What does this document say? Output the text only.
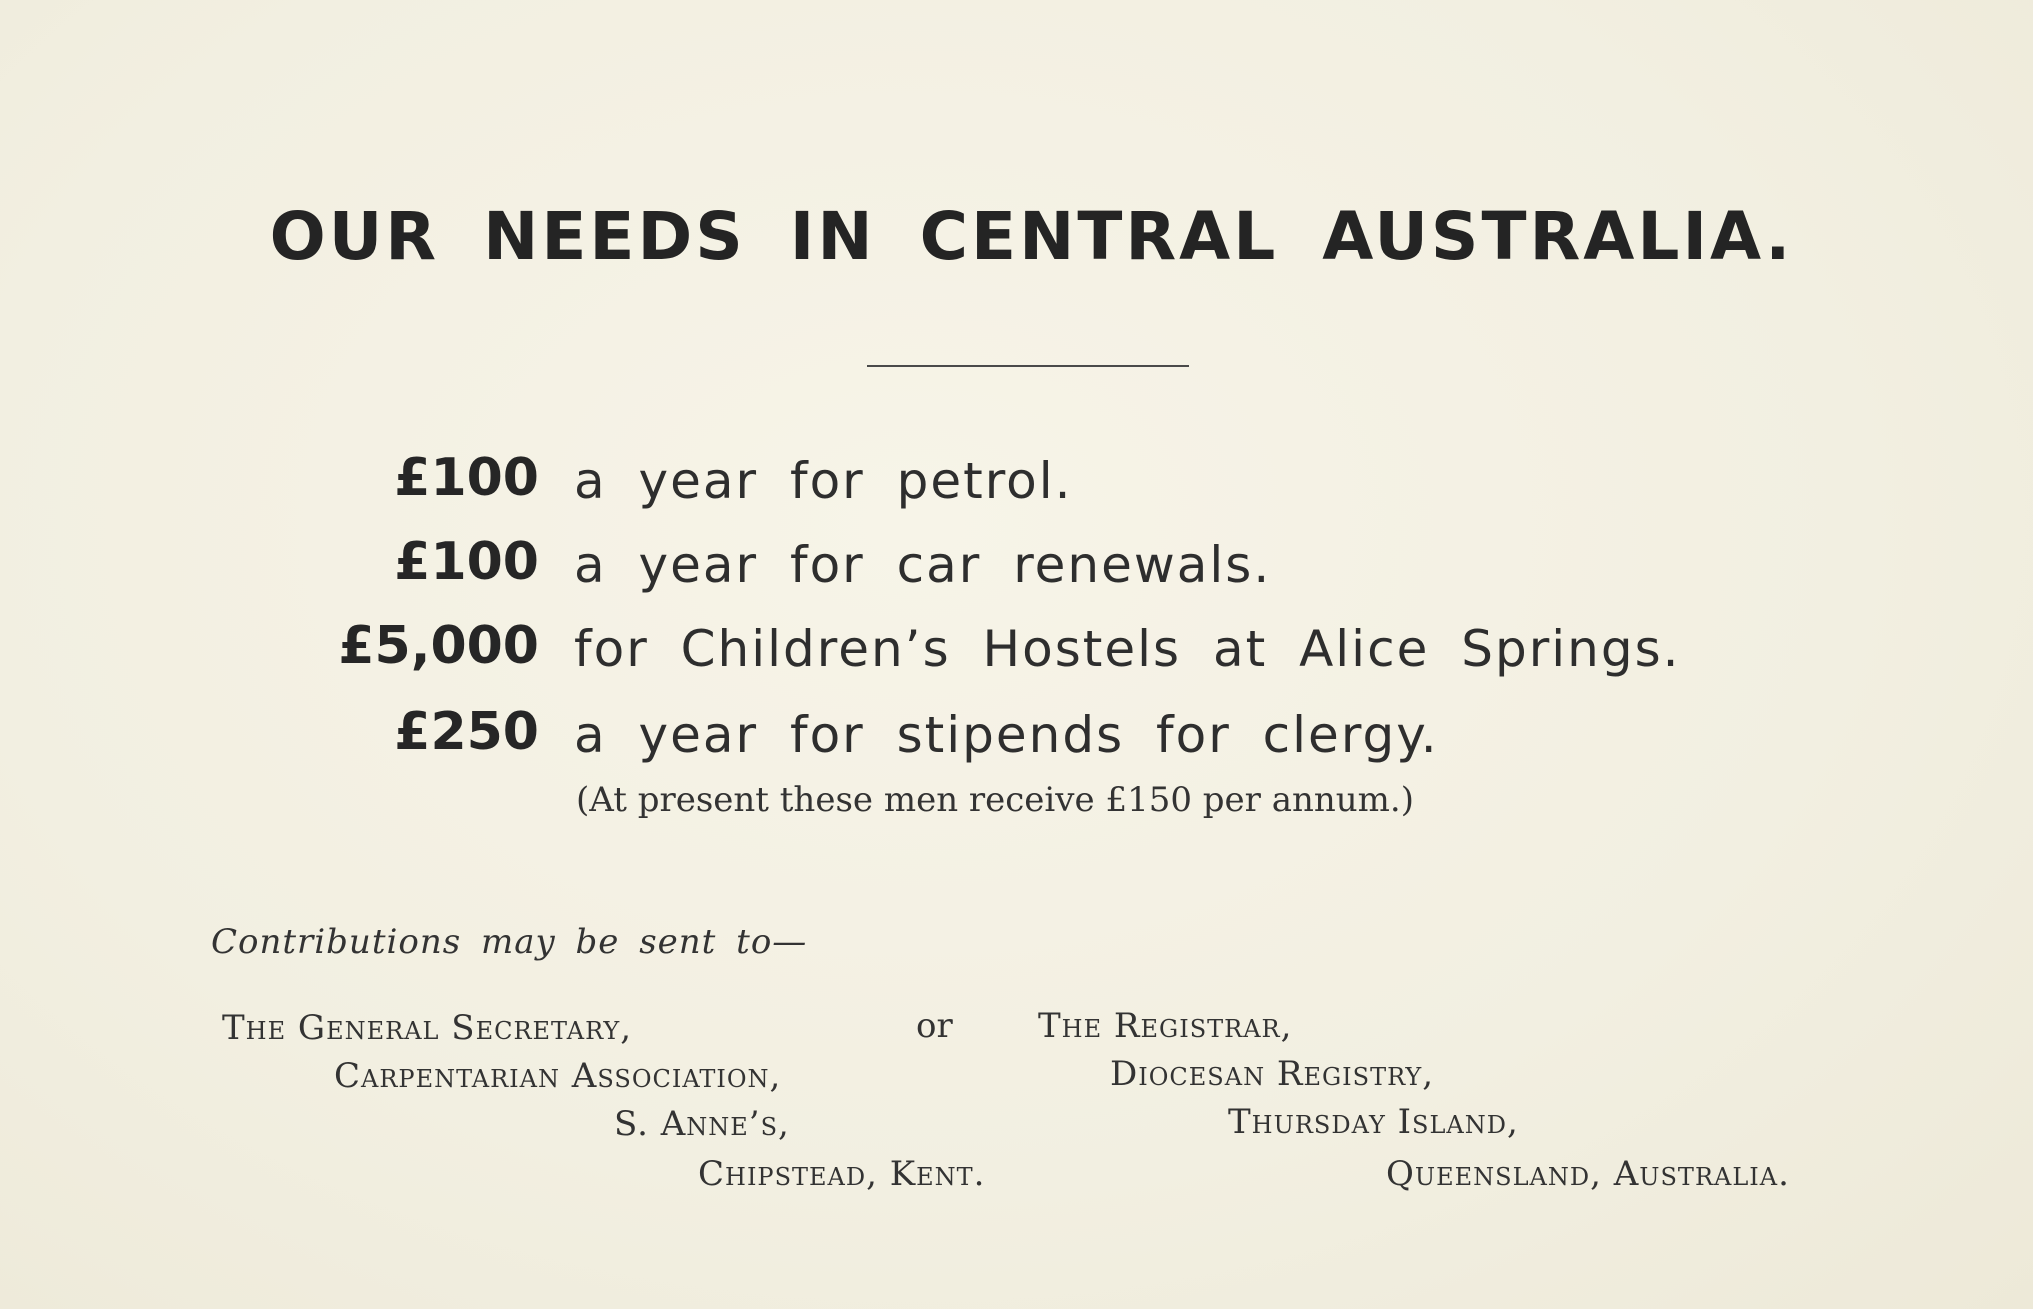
OUR NEEDS IN CENTRAL AUSTRALIA.
£100 a year for petrol.
£100 a year for car renewals.
£5,000 for Children’s Hostels at Alice Springs.
£250 a year for stipends for clergy.
(At present these men receive £150 per annum.)
Contributions may be sent to—
The General Secretary,
Carpentarian Association,
S. Anne’s,
Chipstead, Kent.
or	The Registrar,
Diocesan Registry,
Thursday Island,
Queensland, Australia.
